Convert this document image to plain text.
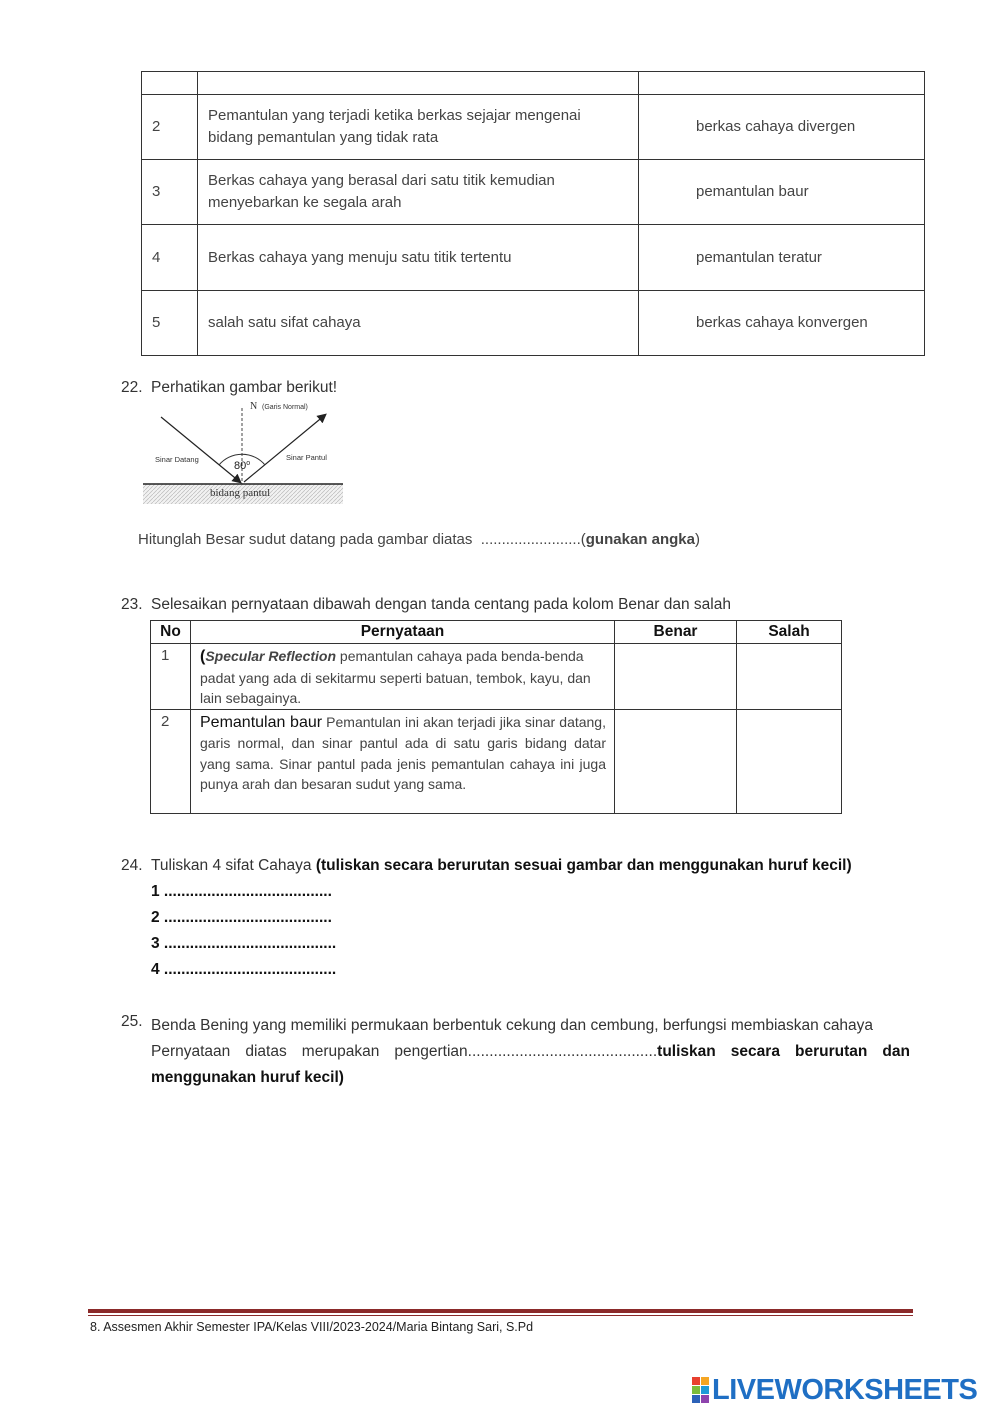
2	Pemantulan yang terjadi ketika berkas sejajar mengenai bidang pemantulan yang tidak rata	berkas cahaya divergen
3	Berkas cahaya yang berasal dari satu titik kemudian menyebarkan ke segala arah	pemantulan baur
4	Berkas cahaya yang menuju satu titik tertentu	pemantulan teratur
5	salah satu sifat cahaya	berkas cahaya konvergen
22. Perhatikan gambar berikut!
N (Garis Normal)
Sinar Datang	Sinar Pantul
80$^o$
bidang pantul
Hitunglah Besar sudut datang pada gambar diatas ........................(gunakan angka)
23. Selesaikan pernyataan dibawah dengan tanda centang pada kolom Benar dan salah
No	Pernyataan	Benar	Salah
1	(Specular Reflection pemantulan cahaya pada benda-benda padat yang ada di sekitarmu seperti batuan, tembok, kayu, dan lain sebagainya.		
2	Pemantulan baur Pemantulan ini akan terjadi jika sinar datang, garis normal, dan sinar pantul ada di satu garis bidang datar yang sama. Sinar pantul pada jenis pemantulan cahaya ini juga punya arah dan besaran sudut yang sama.		
24. Tuliskan 4 sifat Cahaya (tuliskan secara berurutan sesuai gambar dan menggunakan huruf kecil)
1 .......................................
2 .......................................
3 ........................................
4 ........................................
25. Benda Bening yang memiliki permukaan berbentuk cekung dan cembung, berfungsi membiaskan cahaya
Pernyataan diatas merupakan pengertian............................................tuliskan secara berurutan dan menggunakan huruf kecil)
8. Assesmen Akhir Semester IPA/Kelas VIII/2023-2024/Maria Bintang Sari, S.Pd
LIVEWORKSHEETS
